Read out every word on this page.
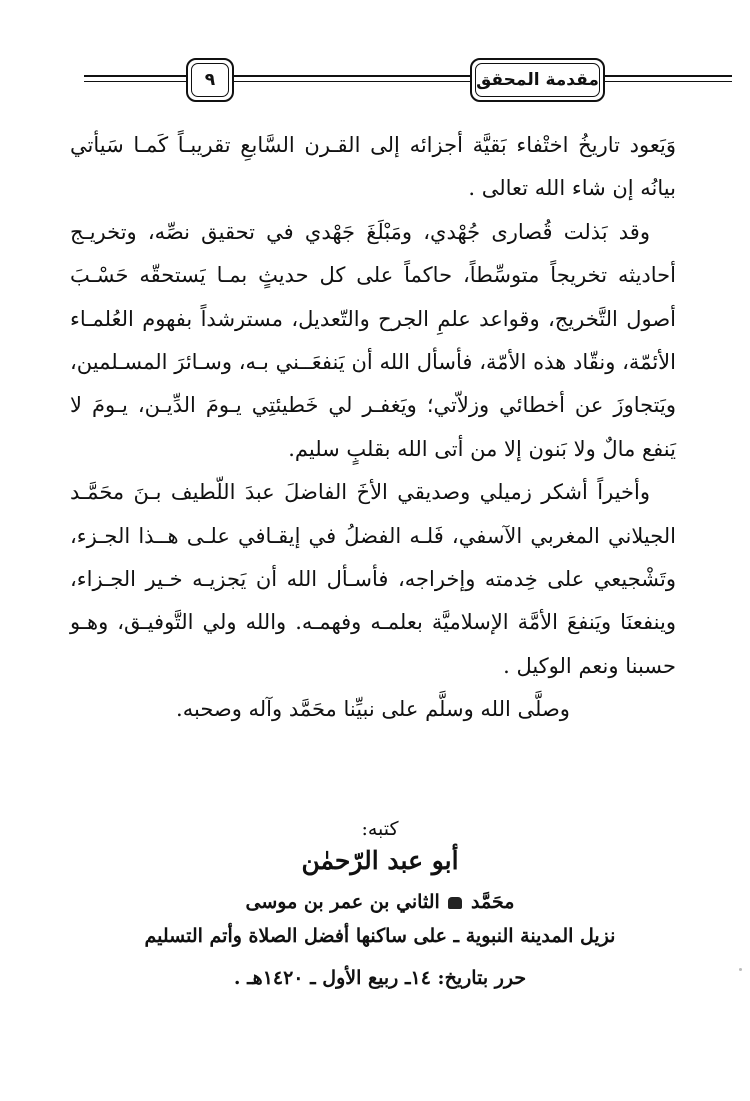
٩	مقدمة المحقق

وَيَعود تاريخُ اختْفاء بَقيَّة أجزائه إلى القـرن السَّابعِ تقريبـاً كَمـا سَيأتي بيانُه إن شاء الله تعالى .

وقد بَذلت قُصارى جُهْدي، ومَبْلَغَ جَهْدي في تحقيق نصِّه، وتخريـج أحاديثه تخريجاً متوسِّطاً، حاكماً على كل حديثٍ بمـا يَستحقّه حَسْـبَ أصول التَّخريج، وقواعد علمِ الجرح والتّعديل، مسترشداً بفهوم العُلمـاء الأئمّة، ونقّاد هذه الأمّة، فأسأل الله أن يَنفعَــني بـه، وسـائرَ المسـلمين، ويَتجاوزَ عن أخطائي وزلاّتي؛ ويَغفـر لي خَطيئتِي يـومَ الدِّيـن، يـومَ لا يَنفع مالٌ ولا بَنون إلا من أتى الله بقلبٍ سليم.

وأخيراً أشكر زميلي وصديقي الأخَ الفاضلَ عبدَ اللّطيف بـنَ محَمَّـد الجيلاني المغربي الآسفي، فَلـه الفضلُ في إيقـافي علـى هــذا الجـزء، وتَشْجيعي على خِدمته وإخراجه، فأسـأل الله أن يَجزيـه خـير الجـزاء، وينفعنَا ويَنفعَ الأمَّة الإسلاميَّة بعلمـه وفهمـه. والله ولي التَّوفيـق، وهـو حسبنا ونعم الوكيل .

وصلَّى الله وسلَّم على نبيِّنا محَمَّد وآله وصحبه.

كتبه:
أبو عبد الرّحمٰن
محَمَّد  الثاني بن عمر بن موسى
نزيل المدينة النبوية ـ على ساكنها أفضل الصلاة وأتم التسليم
حرر بتاريخ: ١٤ـ ربيع الأول ـ ١٤٢٠هـ .
